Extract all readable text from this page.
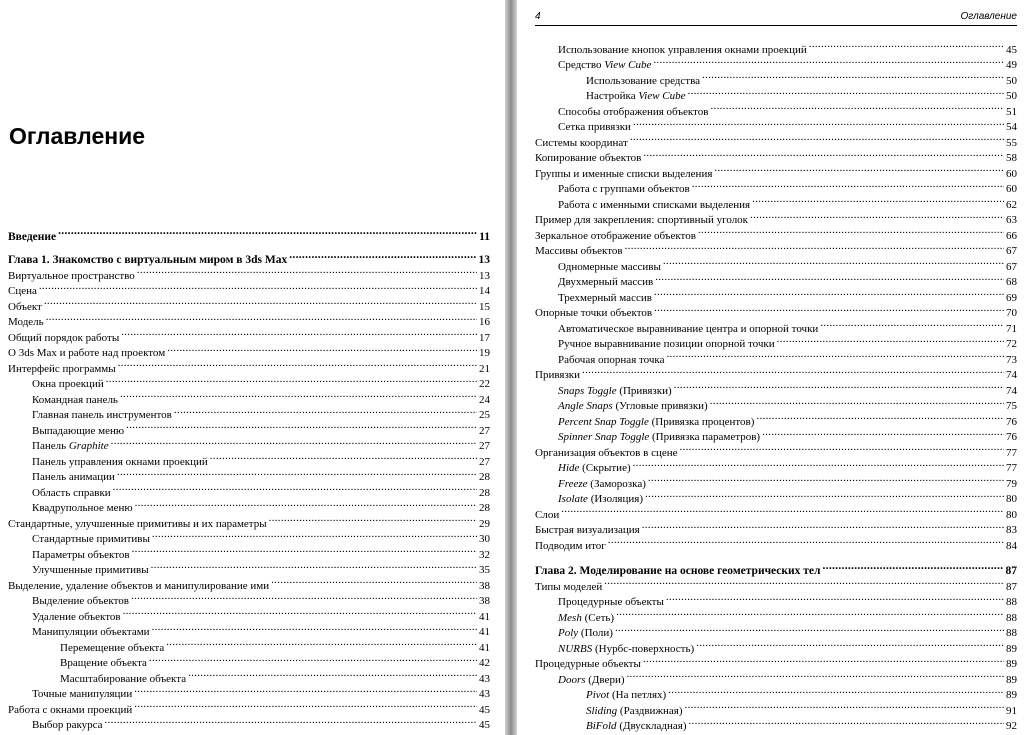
Оглавление
Введение .....	11
Глава 1. Знакомство с виртуальным миром в 3ds Max .....	13
Виртуальное пространство .....	13
Сцена .....	14
Объект .....	15
Модель .....	16
Общий порядок работы .....	17
О 3ds Max и работе над проектом .....	19
Интерфейс программы .....	21
Окна проекций .....	22
Командная панель .....	24
Главная панель инструментов .....	25
Выпадающие меню .....	27
Панель Graphite .....	27
Панель управления окнами проекций .....	27
Панель анимации .....	28
Область справки .....	28
Квадрупольное меню .....	28
Стандартные, улучшенные примитивы и их параметры .....	29
Стандартные примитивы .....	30
Параметры объектов .....	32
Улучшенные примитивы .....	35
Выделение, удаление объектов и манипулирование ими .....	38
Выделение объектов .....	38
Удаление объектов .....	41
Манипуляции объектами .....	41
Перемещение объекта .....	41
Вращение объекта .....	42
Масштабирование объекта .....	43
Точные манипуляции .....	43
Работа с окнами проекций .....	45
Выбор ракурса .....	45
4	Оглавление
Использование кнопок управления окнами проекций .....	45
Средство View Cube .....	49
Использование средства .....	50
Настройка View Cube .....	50
Способы отображения объектов .....	51
Сетка привязки .....	54
Системы координат .....	55
Копирование объектов .....	58
Группы и именные списки выделения .....	60
Работа с группами объектов .....	60
Работа с именными списками выделения .....	62
Пример для закрепления: спортивный уголок .....	63
Зеркальное отображение объектов .....	66
Массивы объектов .....	67
Одномерные массивы .....	67
Двухмерный массив .....	68
Трехмерный массив .....	69
Опорные точки объектов .....	70
Автоматическое выравнивание центра и опорной точки .....	71
Ручное выравнивание позиции опорной точки .....	72
Рабочая опорная точка .....	73
Привязки .....	74
Snaps Toggle (Привязки) .....	74
Angle Snaps (Угловые привязки) .....	75
Percent Snap Toggle (Привязка процентов) .....	76
Spinner Snap Toggle (Привязка параметров) .....	76
Организация объектов в сцене .....	77
Hide (Скрытие) .....	77
Freeze (Заморозка) .....	79
Isolate (Изоляция) .....	80
Слои .....	80
Быстрая визуализация .....	83
Подводим итог .....	84
Глава 2. Моделирование на основе геометрических тел .....	87
Типы моделей .....	87
Процедурные объекты .....	88
Mesh (Сеть) .....	88
Poly (Поли) .....	88
NURBS (Нурбс-поверхность) .....	89
Процедурные объекты .....	89
Doors (Двери) .....	89
Pivot (На петлях) .....	89
Sliding (Раздвижная) .....	91
BiFold (Двускладная) .....	92
